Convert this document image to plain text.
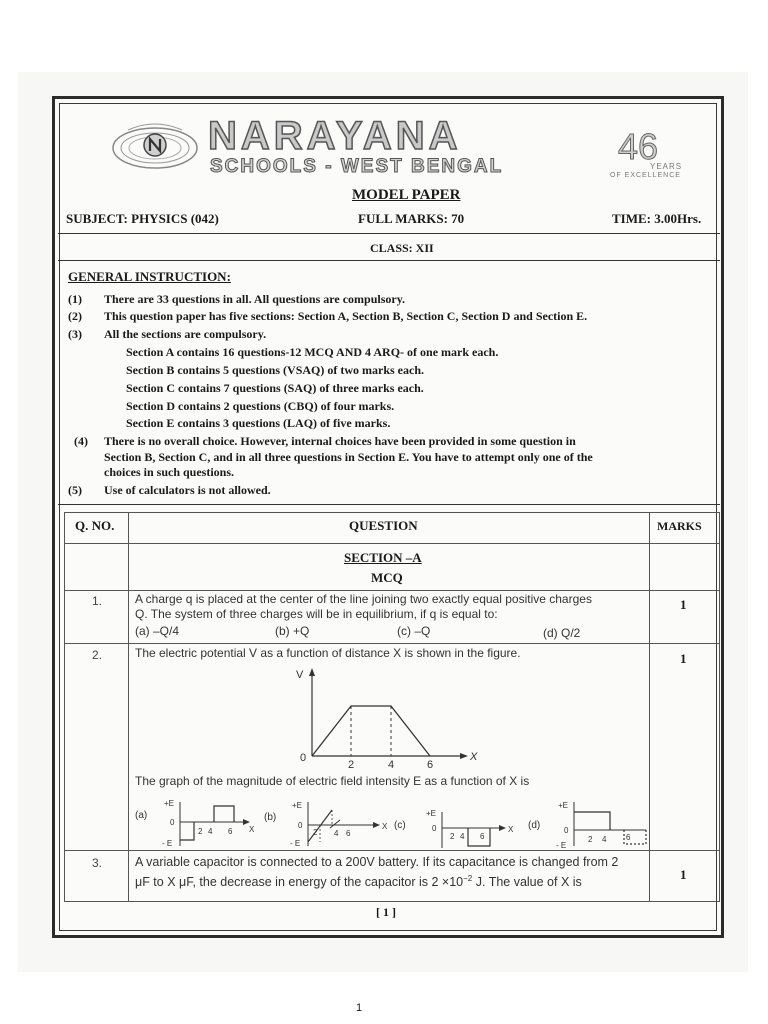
NARAYANA
SCHOOLS - WEST BENGAL	46
YEARS
OF EXCELLENCE
MODEL PAPER
SUBJECT: PHYSICS (042)	FULL MARKS: 70	TIME: 3.00Hrs.
CLASS: XII
GENERAL INSTRUCTION:
(1) There are 33 questions in all. All questions are compulsory.
(2) This question paper has five sections: Section A, Section B, Section C, Section D and Section E.
(3) All the sections are compulsory.
Section A contains 16 questions-12 MCQ AND 4 ARQ- of one mark each.
Section B contains 5 questions (VSAQ) of two marks each.
Section C contains 7 questions (SAQ) of three marks each.
Section D contains 2 questions (CBQ) of four marks.
Section E contains 3 questions (LAQ) of five marks.
(4) There is no overall choice. However, internal choices have been provided in some question in
Section B, Section C, and in all three questions in Section E. You have to attempt only one of the
choices in such questions.
(5) Use of calculators is not allowed.
Q. NO.	QUESTION	MARKS
SECTION –A
MCQ
1.	A charge q is placed at the center of the line joining two exactly equal positive charges
Q. The system of three charges will be in equilibrium, if q is equal to:
(a) –Q/4	(b) +Q	(c) –Q	(d) Q/2
1
2.	The electric potential V as a function of distance X is shown in the figure.	1
V
X
0
2	4	6
The graph of the magnitude of electric field intensity E as a function of X is
(a)
+E
0
- E
2 4 6 X
(b)
+E
0
- E
2 4 6
X (c)
+E
0
2 4 6
X (d)
+E
0
- E
2 4 6
3.	A variable capacitor is connected to a 200V battery. If its capacitance is changed from 2
μF to X μF, the decrease in energy of the capacitor is $2 \times 10^{-2}$ J. The value of X is
1
[ 1 ]
1
